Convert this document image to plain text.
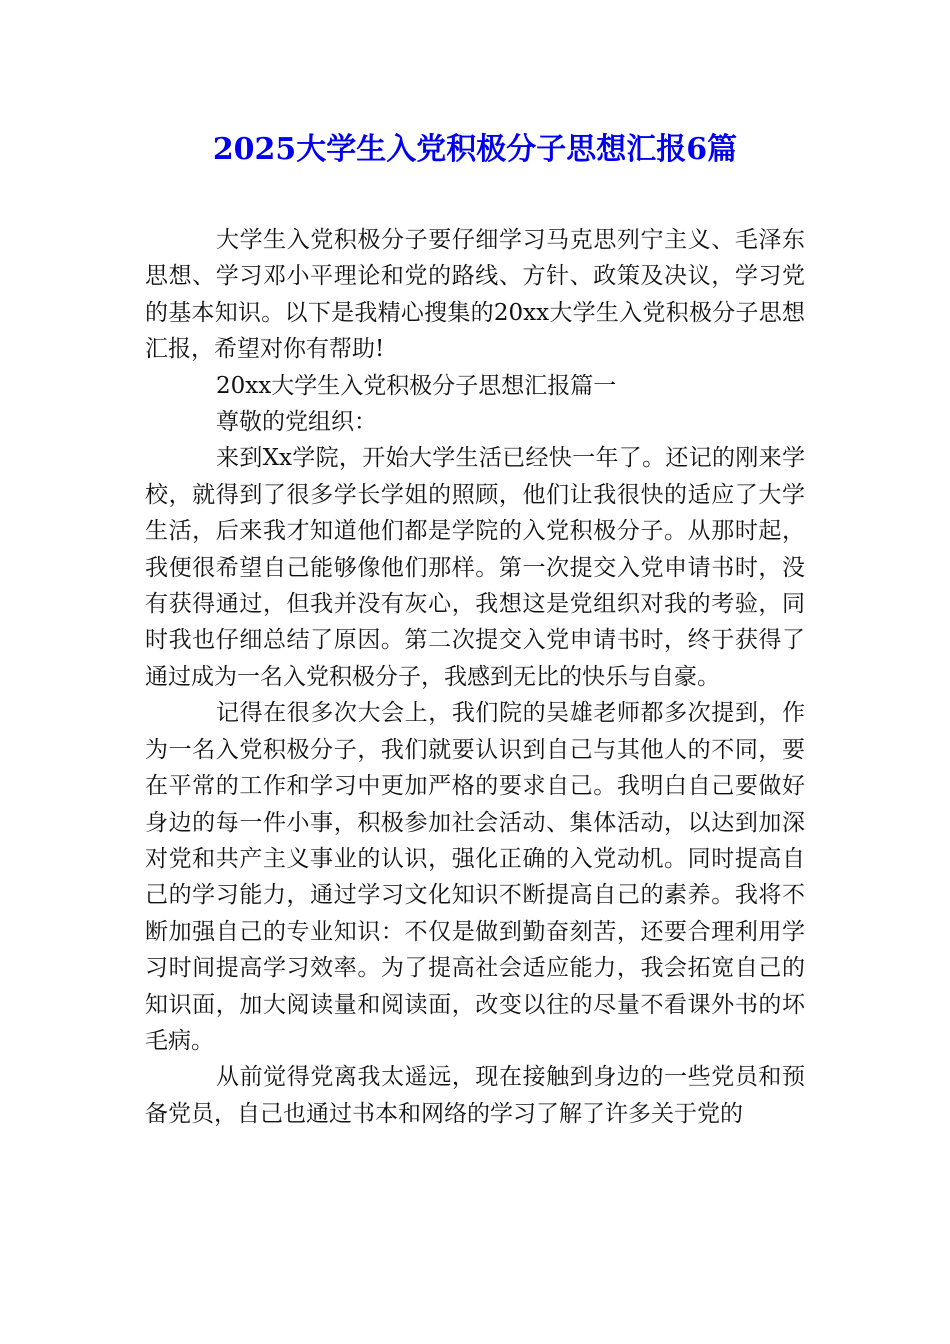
2025大学生入党积极分子思想汇报6篇

大学生入党积极分子要仔细学习马克思列宁主义、毛泽东思想、学习邓小平理论和党的路线、方针、政策及决议，学习党的基本知识。以下是我精心搜集的20xx大学生入党积极分子思想汇报，希望对你有帮助!

20xx大学生入党积极分子思想汇报篇一

尊敬的党组织：

来到Xx学院，开始大学生活已经快一年了。还记的刚来学校，就得到了很多学长学姐的照顾，他们让我很快的适应了大学生活，后来我才知道他们都是学院的入党积极分子。从那时起，我便很希望自己能够像他们那样。第一次提交入党申请书时，没有获得通过，但我并没有灰心，我想这是党组织对我的考验，同时我也仔细总结了原因。第二次提交入党申请书时，终于获得了通过成为一名入党积极分子，我感到无比的快乐与自豪。

记得在很多次大会上，我们院的吴雄老师都多次提到，作为一名入党积极分子，我们就要认识到自己与其他人的不同，要在平常的工作和学习中更加严格的要求自己。我明白自己要做好身边的每一件小事，积极参加社会活动、集体活动，以达到加深对党和共产主义事业的认识，强化正确的入党动机。同时提高自己的学习能力，通过学习文化知识不断提高自己的素养。我将不断加强自己的专业知识：不仅是做到勤奋刻苦，还要合理利用学习时间提高学习效率。为了提高社会适应能力，我会拓宽自己的知识面，加大阅读量和阅读面，改变以往的尽量不看课外书的坏毛病。

从前觉得党离我太遥远，现在接触到身边的一些党员和预备党员，自己也通过书本和网络的学习了解了许多关于党的
